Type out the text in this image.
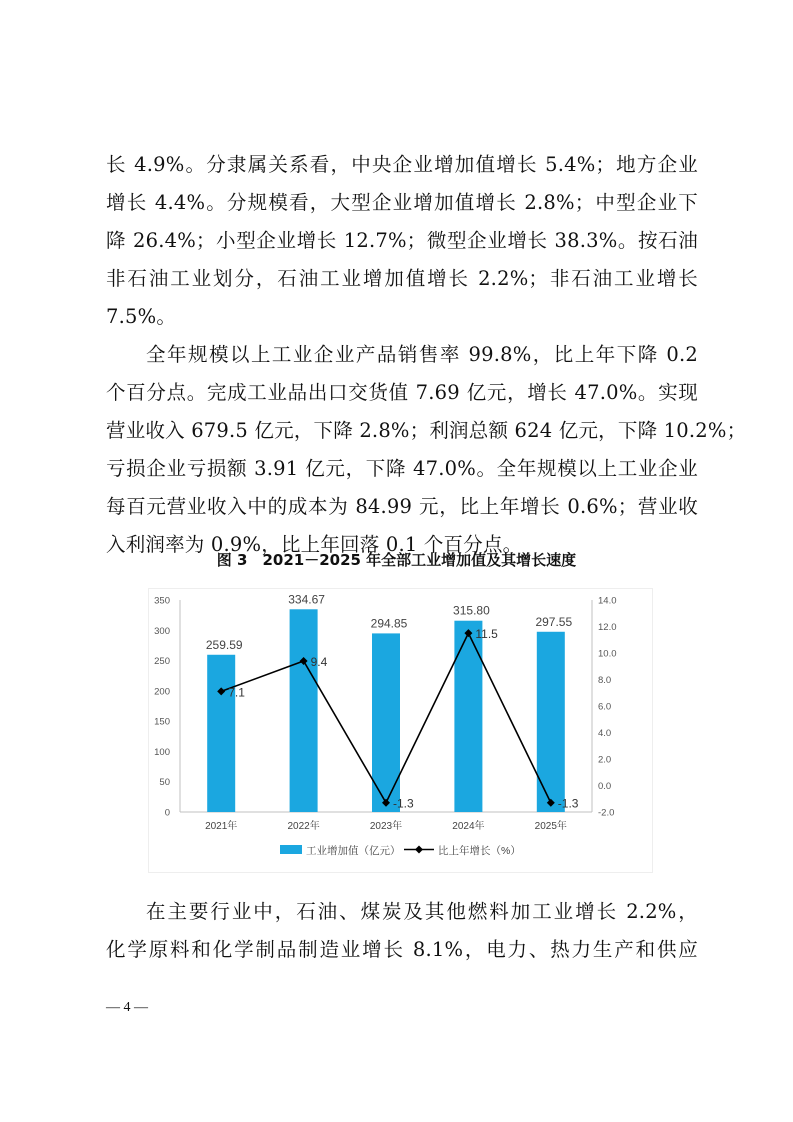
长 4.9%。分隶属关系看，中央企业增加值增长 5.4%；地方企业
增长 4.4%。分规模看，大型企业增加值增长 2.8%；中型企业下
降 26.4%；小型企业增长 12.7%；微型企业增长 38.3%。按石油
非石油工业划分，石油工业增加值增长 2.2%；非石油工业增长
7.5%。
全年规模以上工业企业产品销售率 99.8%，比上年下降 0.2
个百分点。完成工业品出口交货值 7.69 亿元，增长 47.0%。实现
营业收入 679.5 亿元，下降 2.8%；利润总额 624 亿元，下降 10.2%；
亏损企业亏损额 3.91 亿元，下降 47.0%。全年规模以上工业企业
每百元营业收入中的成本为 84.99 元，比上年增长 0.6%；营业收
入利润率为 0.9%，比上年回落 0.1 个百分点。
图 3　2021－2025 年全部工业增加值及其增长速度
0
50
100
150
200
250
300
350
-2.0
0.0
2.0
4.0
6.0
8.0
10.0
12.0
14.0
259.59
334.67
294.85
315.80
297.55
2021年	2022年	2023年	2024年	2025年
7.1
9.4
-1.3
11.5
-1.3
工业增加值（亿元）	比上年增长（%）
在主要行业中，石油、煤炭及其他燃料加工业增长 2.2%，
化学原料和化学制品制造业增长 8.1%，电力、热力生产和供应
— 4 —
